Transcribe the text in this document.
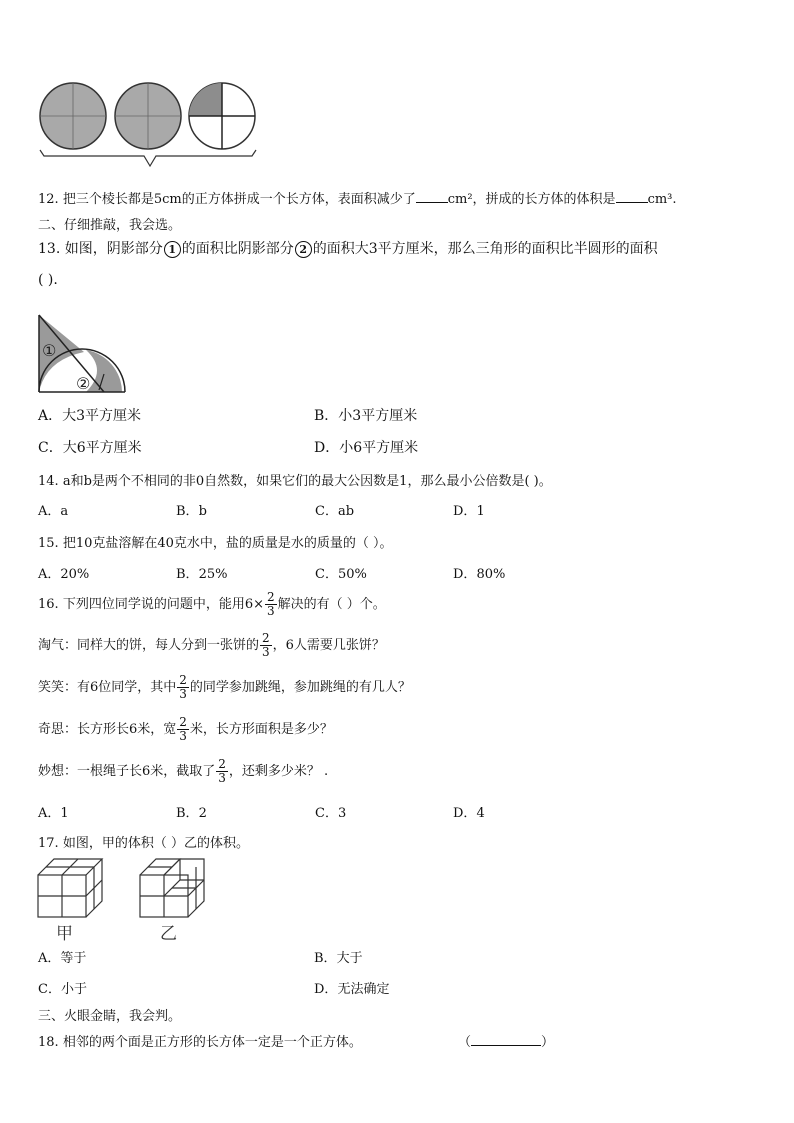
12. 把三个棱长都是5cm的正方体拼成一个长方体，表面积减少了 cm²，拼成的长方体的体积是 cm³.
二、仔细推敲，我会选。
13. 如图，阴影部分 1 的面积比阴影部分 2 的面积大3平方厘米，那么三角形的面积比半圆形的面积
( ).
①
②
A．大3平方厘米	B．小3平方厘米
C．大6平方厘米	D．小6平方厘米
14. a和b是两个不相同的非0自然数，如果它们的最大公因数是1，那么最小公倍数是( )。
A．a	B．b	C．ab	D．1
15. 把10克盐溶解在40克水中，盐的质量是水的质量的（ ）。
A．20%	B．25%	C．50%	D．80%
16. 下列四位同学说的问题中，能用$6\times \frac{2}{3}$ 解决的有（ ）个。
淘气：同样大的饼，每人分到一张饼的 $\frac{2}{3}$ ，6人需要几张饼？
笑笑：有6位同学，其中 $\frac{2}{3}$ 的同学参加跳绳，参加跳绳的有几人？
奇思：长方形长6米，宽 $\frac{2}{3}$ 米，长方形面积是多少？
妙想：一根绳子长6米，截取了 $\frac{2}{3}$ ，还剩多少米？ .
A．1	B．2	C．3	D．4
17. 如图，甲的体积（ ）乙的体积。
甲	乙
A．等于	B．大于
C．小于	D．无法确定
三、火眼金睛，我会判。
18. 相邻的两个面是正方形的长方体一定是一个正方体。	（	）
